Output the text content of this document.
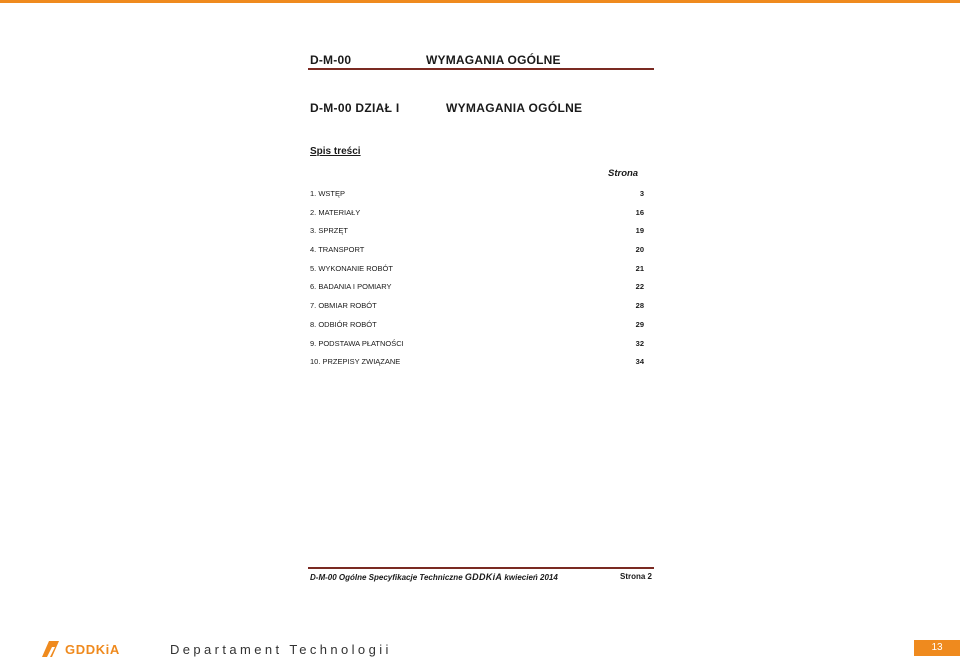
D-M-00	WYMAGANIA OGÓLNE
D-M-00 DZIAŁ I	WYMAGANIA OGÓLNE
Spis treści
Strona
1. WSTĘP	3
2. MATERIAŁY	16
3. SPRZĘT	19
4. TRANSPORT	20
5. WYKONANIE ROBÓT	21
6. BADANIA I POMIARY	22
7. OBMIAR ROBÓT	28
8. ODBIÓR ROBÓT	29
9. PODSTAWA PŁATNOŚCI	32
10. PRZEPISY ZWIĄZANE	34
D-M-00 Ogólne Specyfikacje Techniczne GDDKiA kwiecień 2014	Strona 2
GDDKiA	Departament Technologii	13
